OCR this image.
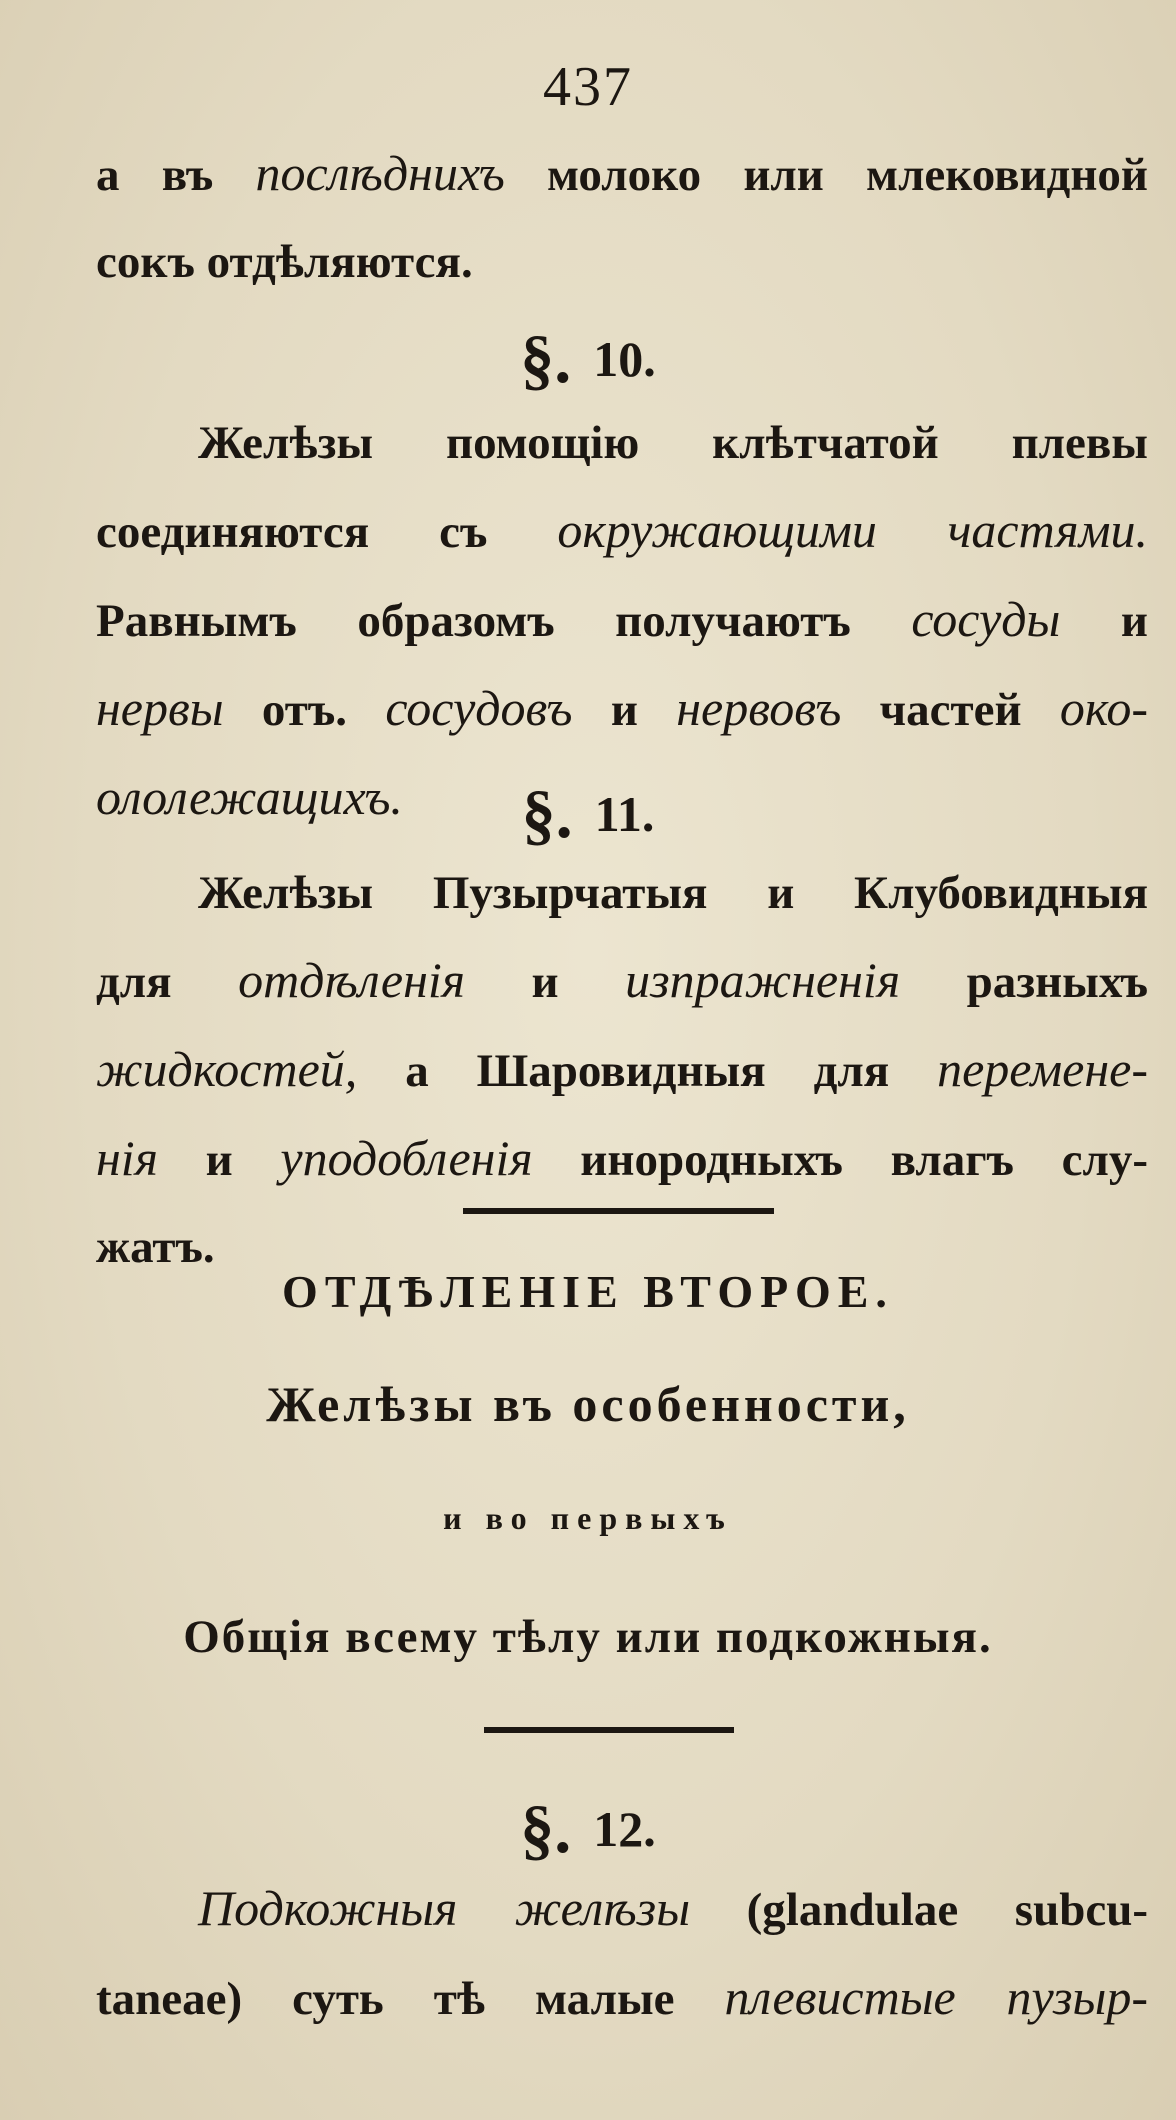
437
а въ послѣднихъ молоко или млековидной
сокъ отдѣляются.
§. 10.
Желѣзы помощію клѣтчатой плевы
соединяются съ окружающими частями.
Равнымъ образомъ получаютъ сосуды и
нервы отъ. сосудовъ и нервовъ частей око-
ололежащихъ.	§. 11.
Желѣзы Пузырчатыя и Клубовидныя
для отдѣленія и изпражненія разныхъ
жидкостей, а Шаровидныя для перемене-
нія и уподобленія инородныхъ влагъ слу-
жатъ.
ОТДѢЛЕНІЕ ВТОРОЕ.
Желѣзы въ особенности,
и во первыхъ
Общія всему тѣлу или подкожныя.
§. 12.
Подкожныя желѣзы (glandulae subcu-
taneae) суть тѣ малые плевистые пузыр-
